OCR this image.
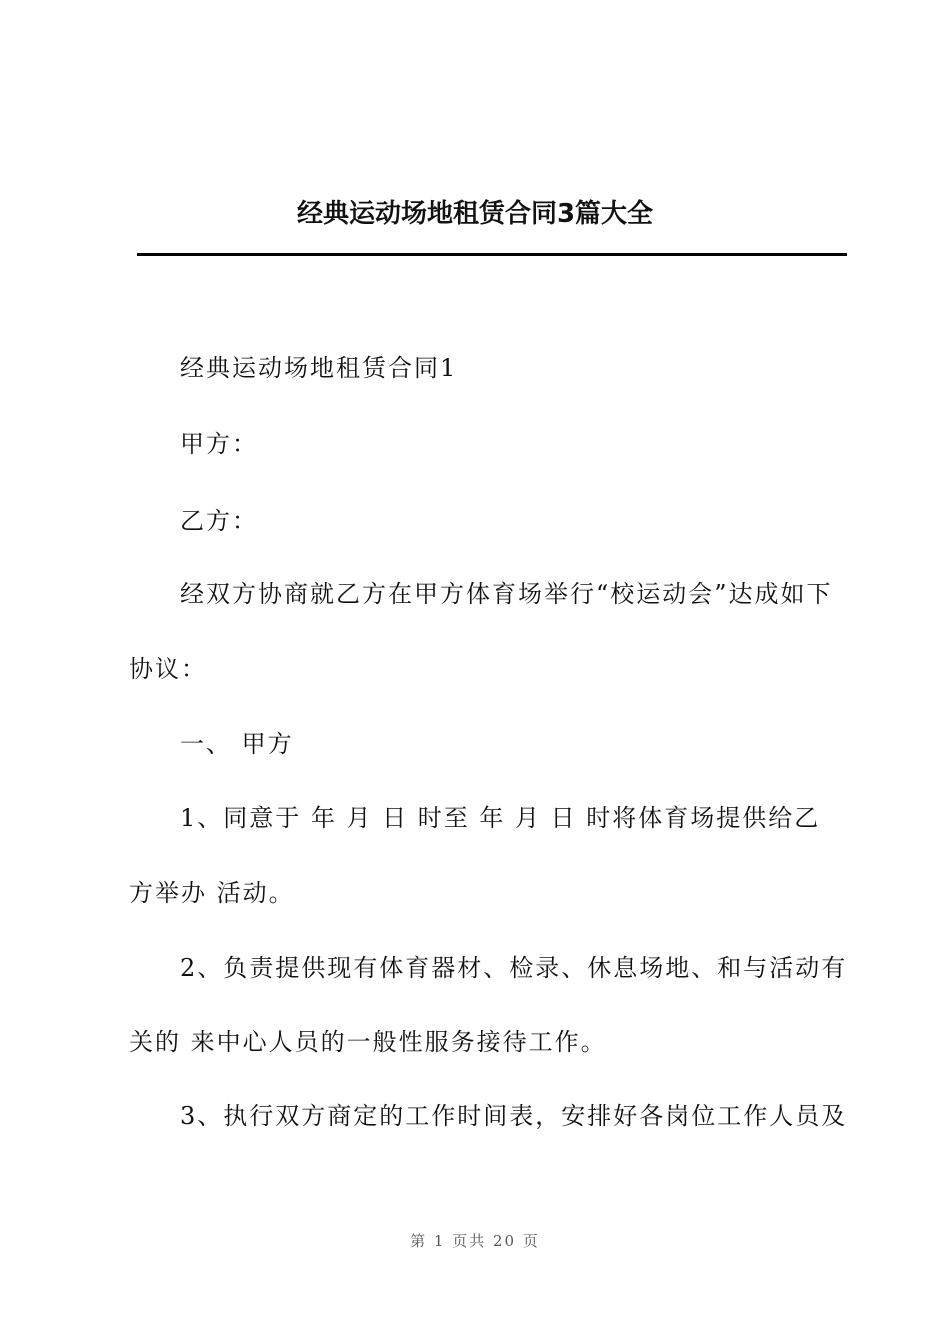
经典运动场地租赁合同3篇大全
经典运动场地租赁合同1
甲方：
乙方：
经双方协商就乙方在甲方体育场举行“校运动会”达成如下
协议：
一、 甲方
1、同意于 年 月 日 时至 年 月 日 时将体育场提供给乙
方举办 活动。
2、负责提供现有体育器材、检录、休息场地、和与活动有
关的 来中心人员的一般性服务接待工作。
3、执行双方商定的工作时间表，安排好各岗位工作人员及
第 1 页共 20 页
